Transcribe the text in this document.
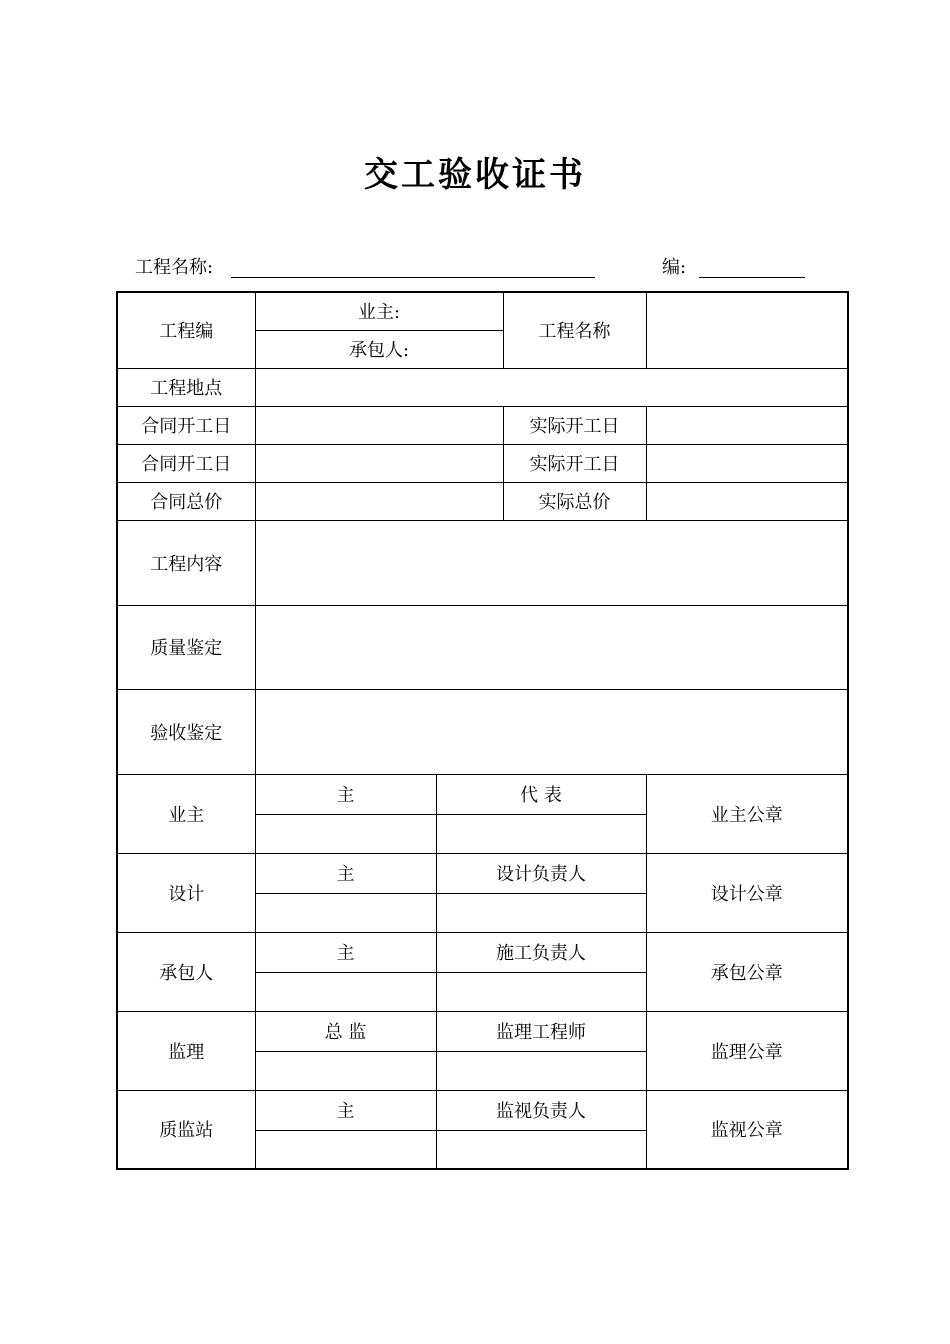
交工验收证书
工程名称:	编:
工程编	业主:		工程名称	
	承包人:			
工程地点				
合同开工日			实际开工日	
合同开工日			实际开工日	
合同总价			实际总价	
工程内容				
质量鉴定				
验收鉴定				
业主	主	代 表		业主公章

设计	主	设计负责人		设计公章

承包人	主	施工负责人		承包公章

监理	总 监	监理工程师		监理公章

质监站	主	监视负责人		监视公章
